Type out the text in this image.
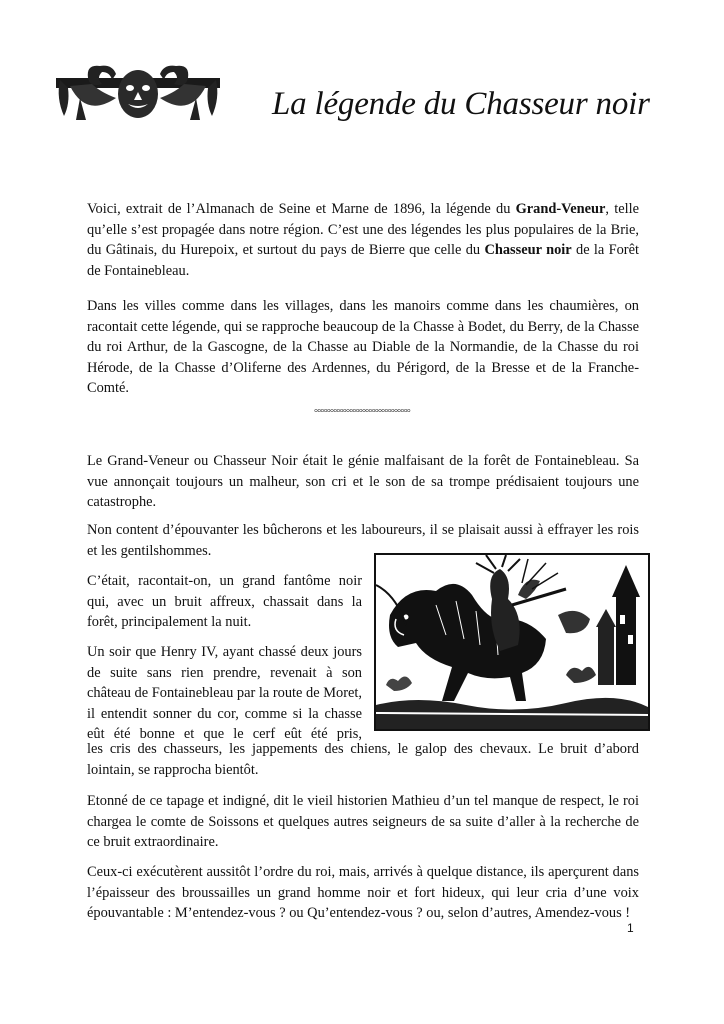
La légende du Chasseur noir

Voici, extrait de l’Almanach de Seine et Marne de 1896, la légende du Grand-Veneur, telle qu’elle s’est propagée dans notre région. C’est une des légendes les plus populaires de la Brie, du Gâtinais, du Hurepoix, et surtout du pays de Bierre que celle du Chasseur noir de la Forêt de Fontainebleau.

Dans les villes comme dans les villages, dans les manoirs comme dans les chaumières, on racontait cette légende, qui se rapproche beaucoup de la Chasse à Bodet, du Berry, de la Chasse du roi Arthur, de la Gascogne, de la Chasse au Diable de la Normandie, de la Chasse du roi Hérode, de la Chasse d’Oliferne des Ardennes, du Périgord, de la Bresse et de la Franche-Comté.

°°°°°°°°°°°°°°°°°°°°°°°°°°°°°°

Le Grand-Veneur ou Chasseur Noir était le génie malfaisant de la forêt de Fontainebleau. Sa vue annonçait toujours un malheur, son cri et le son de sa trompe prédisaient toujours une catastrophe.

Non content d’épouvanter les bûcherons et les laboureurs, il se plaisait aussi à effrayer les rois et les gentilshommes.

C’était, racontait-on, un grand fantôme noir qui, avec un bruit affreux, chassait dans la forêt, principalement la nuit.

Un soir que Henry IV, ayant chassé deux jours de suite sans rien prendre, revenait à son château de Fontainebleau par la route de Moret, il entendit sonner du cor, comme si la chasse eût été bonne et que le cerf eût été pris,

les cris des chasseurs, les jappements des chiens, le galop des chevaux. Le bruit d’abord lointain, se rapprocha bientôt.

Etonné de ce tapage et indigné, dit le vieil historien Mathieu d’un tel manque de respect, le roi chargea le comte de Soissons et quelques autres seigneurs de sa suite d’aller à la recherche de ce bruit extraordinaire.

Ceux-ci exécutèrent aussitôt l’ordre du roi, mais, arrivés à quelque distance, ils aperçurent dans l’épaisseur des broussailles un grand homme noir et fort hideux, qui leur cria d’une voix épouvantable : M’entendez-vous ? ou Qu’entendez-vous ? ou, selon d’autres, Amendez-vous !

1
